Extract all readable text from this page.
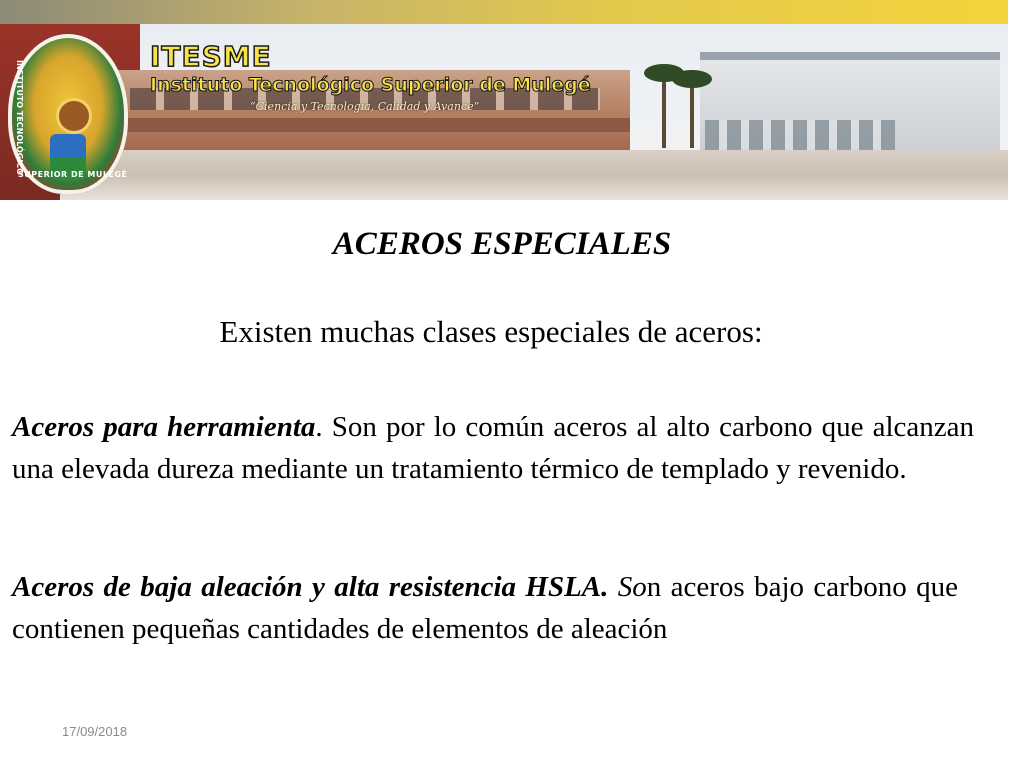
INSTITUTO TECNOLÓGICO
SUPERIOR DE MULEGÉ
ITESME
Instituto Tecnológico Superior de Mulegé
“Ciencia y Tecnología, Calidad y Avance”
ACEROS ESPECIALES
Existen muchas clases especiales de aceros:
Aceros para herramienta. Son por lo común aceros al alto carbono que alcanzan una elevada dureza mediante un tratamiento térmico de templado y revenido.
Aceros de baja aleación y alta resistencia HSLA. Son aceros bajo carbono que contienen pequeñas cantidades de elementos de aleación
17/09/2018
